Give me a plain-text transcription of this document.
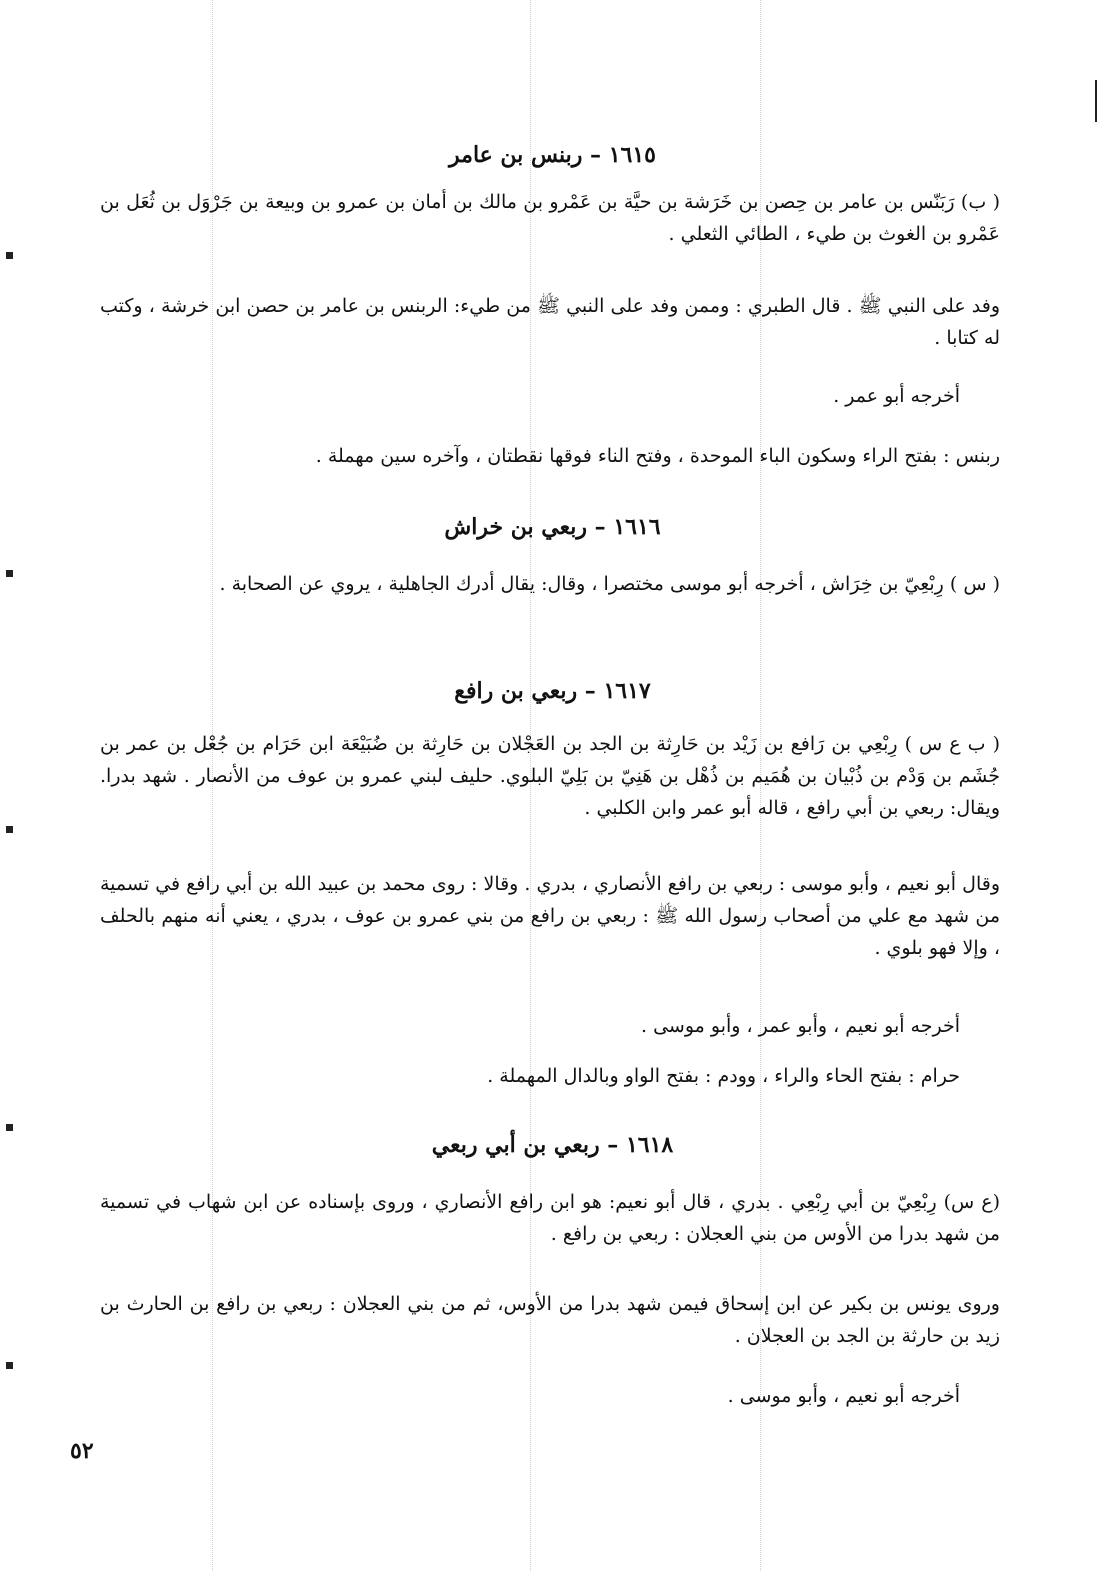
١٦١٥ – ربنس بن عامر

( ب) رَبَنّس بن عامر بن حِصن بن خَرَشة بن حيَّة بن عَمْرو بن مالك بن أمان بن عمرو بن وبيعة بن جَرْوَل بن ثُعَل بن عَمْرو بن الغوث بن طيء ، الطائي الثعلي .

وفد على النبي ﷺ . قال الطبري : وممن وفد على النبي ﷺ من طيء: الربنس بن عامر بن حصن ابن خرشة ، وكتب له كتابا .

أخرجه أبو عمر .

ربنس : بفتح الراء وسكون الباء الموحدة ، وفتح الناء فوقها نقطتان ، وآخره سين مهملة .

١٦١٦ – ربعي بن خراش

( س ) رِبْعِيّ بن خِرَاش ، أخرجه أبو موسى مختصرا ، وقال: يقال أدرك الجاهلية ، يروي عن الصحابة .

١٦١٧ – ربعي بن رافع

( ب ع س ) رِبْعِي بن رَافع بن زَيْد بن حَارِثة بن الجد بن العَجْلان بن حَارِثة بن ضُبَيْعَة ابن حَرَام بن جُعْل بن عمر بن جُشَم بن وَدْم بن ذُبْيان بن هُمَيم بن ذُهْل بن هَنِيّ بن بَلِيّ البلوي. حليف لبني عمرو بن عوف من الأنصار . شهد بدرا. ويقال: ربعي بن أبي رافع ، قاله أبو عمر وابن الكلبي .

وقال أبو نعيم ، وأبو موسى : ربعي بن رافع الأنصاري ، بدري . وقالا : روى محمد بن عبيد الله بن أبي رافع في تسمية من شهد مع علي من أصحاب رسول الله ﷺ : ربعي بن رافع من بني عمرو بن عوف ، بدري ، يعني أنه منهم بالحلف ، وإلا فهو بلوي .

أخرجه أبو نعيم ، وأبو عمر ، وأبو موسى .

حرام : بفتح الحاء والراء ، وودم : بفتح الواو وبالدال المهملة .

١٦١٨ – ربعي بن أبي ربعي

(ع س) رِبْعِيّ بن أبي رِبْعِي . بدري ، قال أبو نعيم: هو ابن رافع الأنصاري ، وروى بإسناده عن ابن شهاب في تسمية من شهد بدرا من الأوس من بني العجلان : ربعي بن رافع .

وروى يونس بن بكير عن ابن إسحاق فيمن شهد بدرا من الأوس، ثم من بني العجلان : ربعي بن رافع بن الحارث بن زيد بن حارثة بن الجد بن العجلان .

أخرجه أبو نعيم ، وأبو موسى .

٥٢
